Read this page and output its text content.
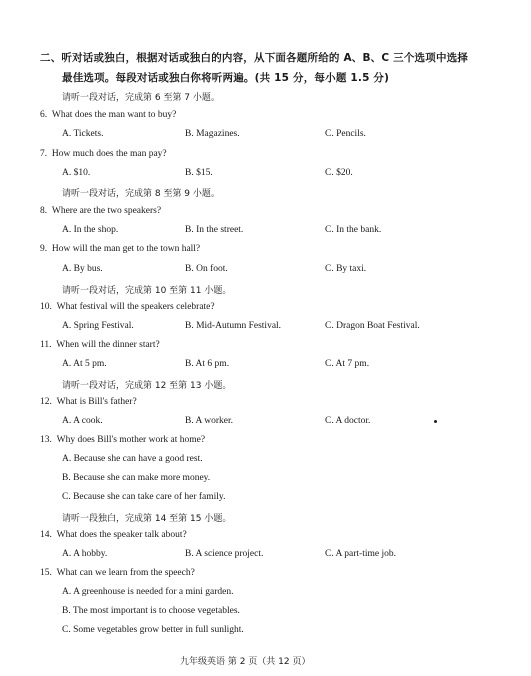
二、听对话或独白，根据对话或独白的内容，从下面各题所给的 A、B、C 三个选项中选择
最佳选项。每段对话或独白你将听两遍。(共 15 分，每小题 1.5 分)
请听一段对话，完成第 6 至第 7 小题。
6. What does the man want to buy?
A. Tickets.	B. Magazines.	C. Pencils.
7. How much does the man pay?
A. $10.	B. $15.	C. $20.
请听一段对话，完成第 8 至第 9 小题。
8. Where are the two speakers?
A. In the shop.	B. In the street.	C. In the bank.
9. How will the man get to the town hall?
A. By bus.	B. On foot.	C. By taxi.
请听一段对话，完成第 10 至第 11 小题。
10. What festival will the speakers celebrate?
A. Spring Festival.	B. Mid-Autumn Festival.	C. Dragon Boat Festival.
11. When will the dinner start?
A. At 5 pm.	B. At 6 pm.	C. At 7 pm.
请听一段对话，完成第 12 至第 13 小题。
12. What is Bill's father?
A. A cook.	B. A worker.	C. A doctor.
13. Why does Bill's mother work at home?
A. Because she can have a good rest.
B. Because she can make more money.
C. Because she can take care of her family.
请听一段独白，完成第 14 至第 15 小题。
14. What does the speaker talk about?
A. A hobby.	B. A science project.	C. A part-time job.
15. What can we learn from the speech?
A. A greenhouse is needed for a mini garden.
B. The most important is to choose vegetables.
C. Some vegetables grow better in full sunlight.
九年级英语 第 2 页（共 12 页）
